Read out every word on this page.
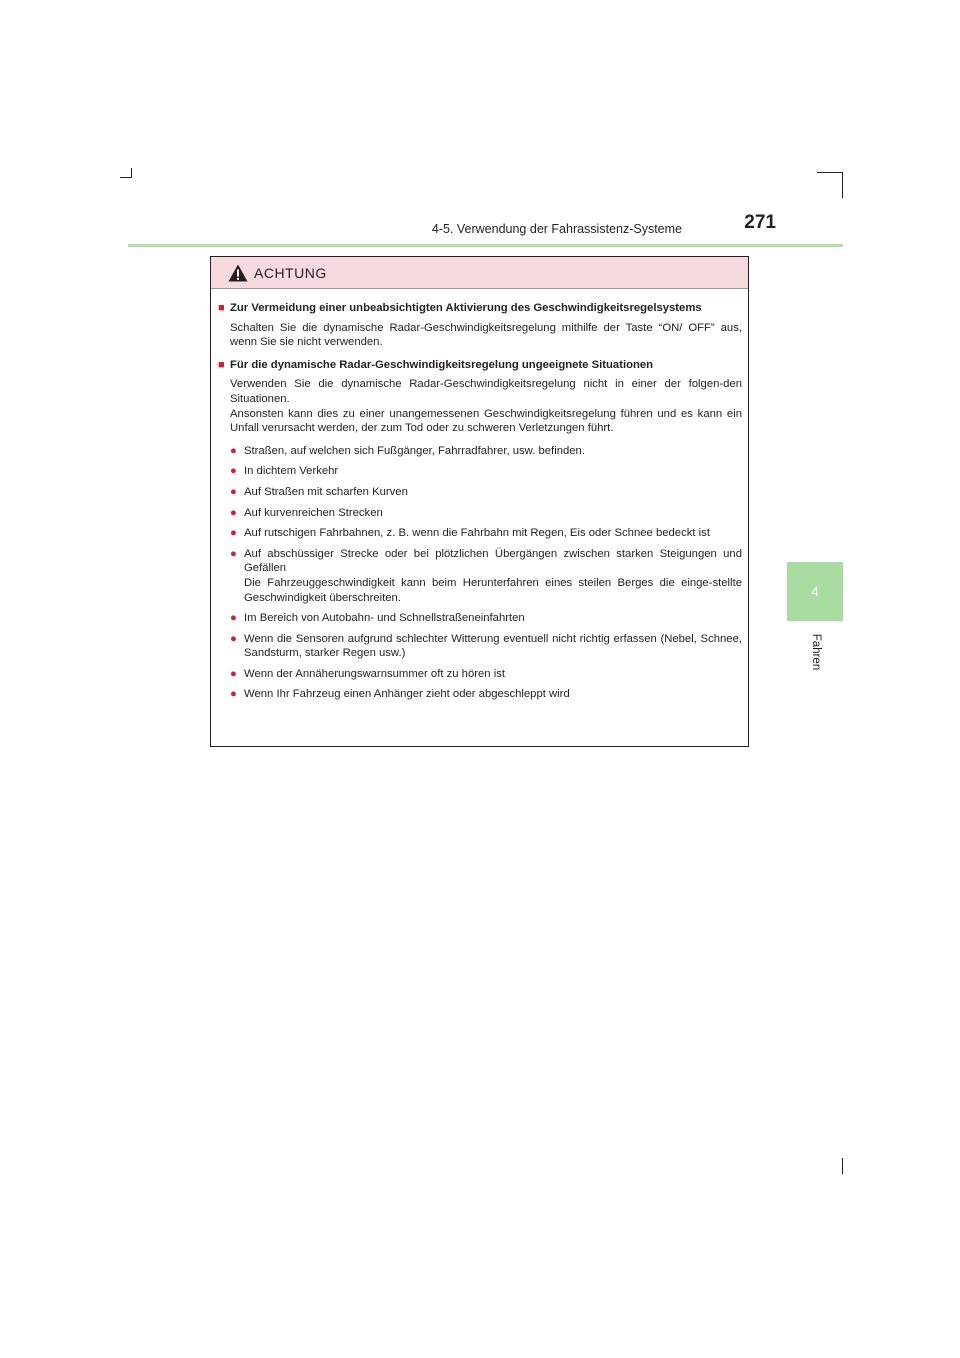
4-5. Verwendung der Fahrassistenz-Systeme	271
4
Fahren
ACHTUNG
■ Zur Vermeidung einer unbeabsichtigten Aktivierung des Geschwindigkeitsregelsystems
Schalten Sie die dynamische Radar-Geschwindigkeitsregelung mithilfe der Taste “ON/ OFF” aus, wenn Sie sie nicht verwenden.
■ Für die dynamische Radar-Geschwindigkeitsregelung ungeeignete Situationen
Verwenden Sie die dynamische Radar-Geschwindigkeitsregelung nicht in einer der folgen-den Situationen.
Ansonsten kann dies zu einer unangemessenen Geschwindigkeitsregelung führen und es kann ein Unfall verursacht werden, der zum Tod oder zu schweren Verletzungen führt.
● Straßen, auf welchen sich Fußgänger, Fahrradfahrer, usw. befinden.
● In dichtem Verkehr
● Auf Straßen mit scharfen Kurven
● Auf kurvenreichen Strecken
● Auf rutschigen Fahrbahnen, z. B. wenn die Fahrbahn mit Regen, Eis oder Schnee bedeckt ist
● Auf abschüssiger Strecke oder bei plötzlichen Übergängen zwischen starken Steigungen und Gefällen
Die Fahrzeuggeschwindigkeit kann beim Herunterfahren eines steilen Berges die einge-stellte Geschwindigkeit überschreiten.
● Im Bereich von Autobahn- und Schnellstraßeneinfahrten
● Wenn die Sensoren aufgrund schlechter Witterung eventuell nicht richtig erfassen (Nebel, Schnee, Sandsturm, starker Regen usw.)
● Wenn der Annäherungswarnsummer oft zu hören ist
● Wenn Ihr Fahrzeug einen Anhänger zieht oder abgeschleppt wird
